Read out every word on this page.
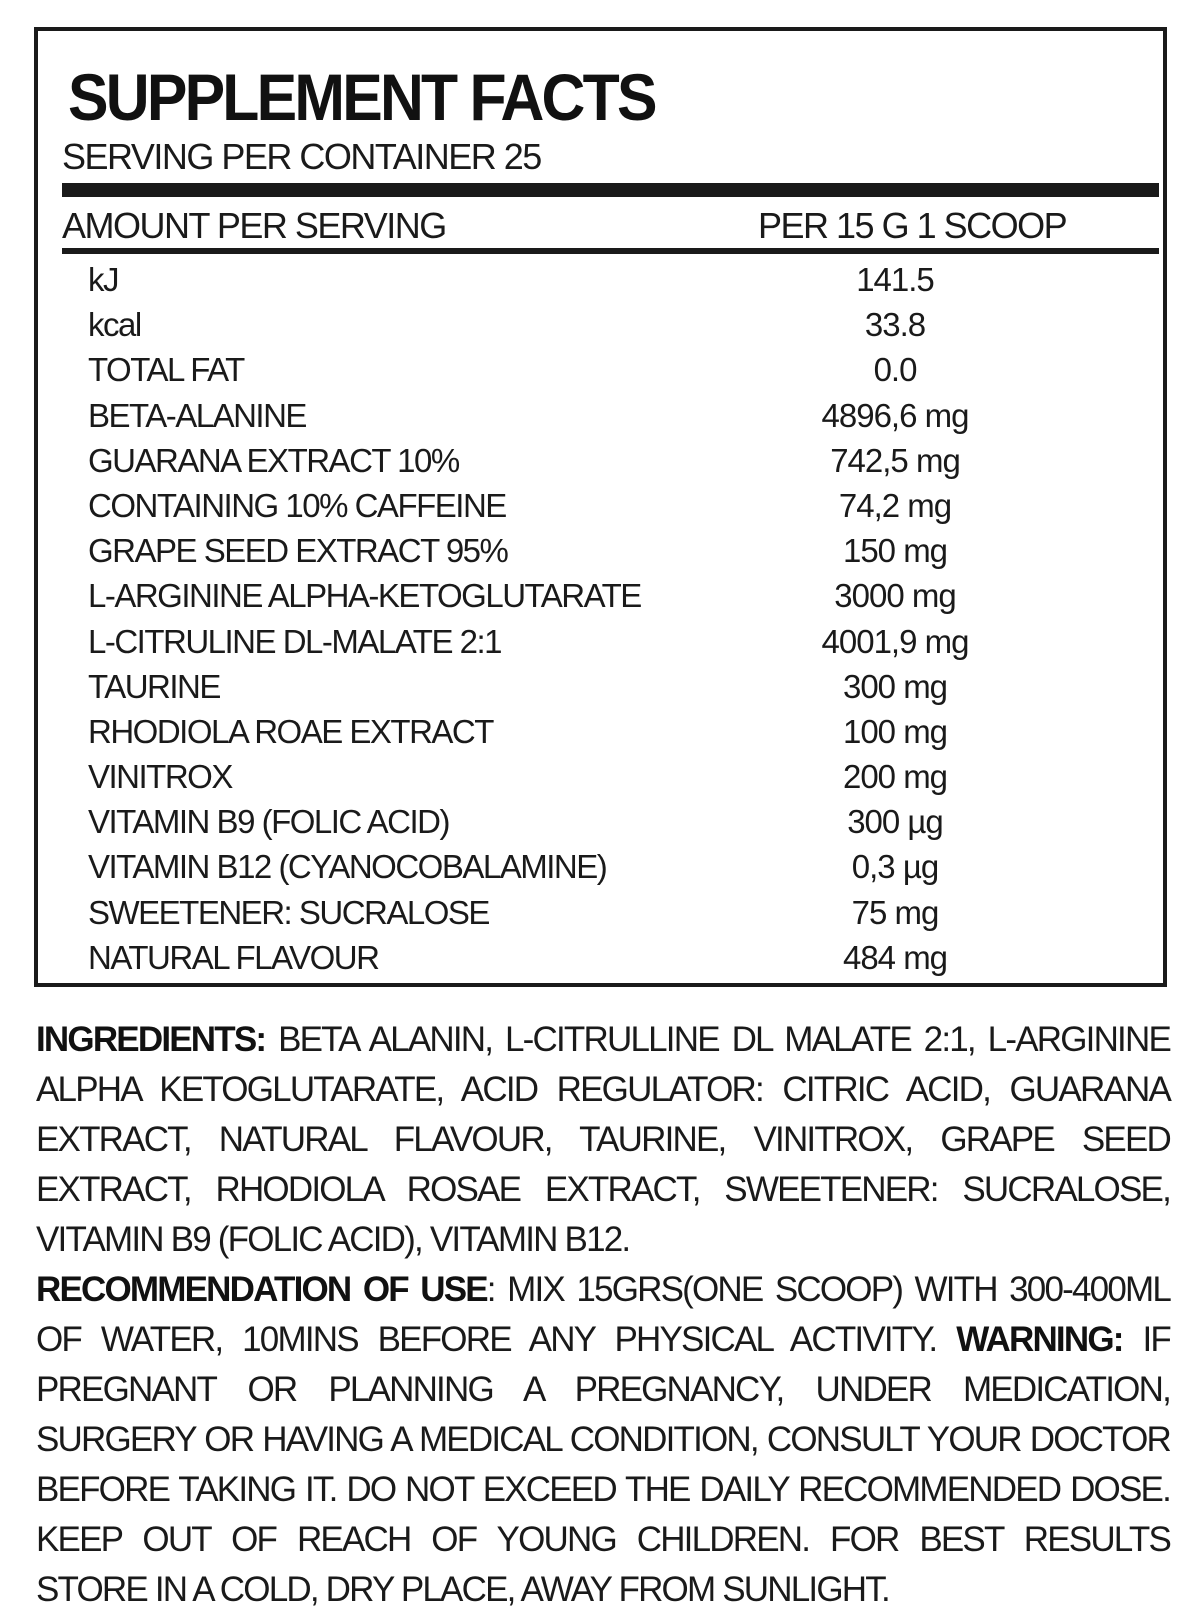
SUPPLEMENT FACTS
SERVING PER CONTAINER 25
AMOUNT PER SERVING	PER 15 G 1 SCOOP
kJ	141.5
kcal	33.8
TOTAL FAT	0.0
BETA-ALANINE	4896,6 mg
GUARANA EXTRACT 10%	742,5 mg
CONTAINING 10% CAFFEINE	74,2 mg
GRAPE SEED EXTRACT 95%	150 mg
L-ARGININE ALPHA-KETOGLUTARATE	3000 mg
L-CITRULINE DL-MALATE 2:1	4001,9 mg
TAURINE	300 mg
RHODIOLA ROAE EXTRACT	100 mg
VINITROX	200 mg
VITAMIN B9 (FOLIC ACID)	300 µg
VITAMIN B12 (CYANOCOBALAMINE)	0,3 µg
SWEETENER: SUCRALOSE	75 mg
NATURAL FLAVOUR	484 mg
INGREDIENTS: BETA ALANIN, L-CITRULLINE DL MALATE 2:1, L-ARGININE ALPHA KETOGLUTARATE, ACID REGULATOR: CITRIC ACID, GUARANA EXTRACT, NATURAL FLAVOUR, TAURINE, VINITROX, GRAPE SEED EXTRACT, RHODIOLA ROSAE EXTRACT, SWEETENER: SUCRALOSE, VITAMIN B9 (FOLIC ACID), VITAMIN B12.
RECOMMENDATION OF USE: MIX 15GRS(ONE SCOOP) WITH 300-400ML OF WATER, 10MINS BEFORE ANY PHYSICAL ACTIVITY. WARNING: IF PREGNANT OR PLANNING A PREGNANCY, UNDER MEDICATION, SURGERY OR HAVING A MEDICAL CONDITION, CONSULT YOUR DOCTOR BEFORE TAKING IT. DO NOT EXCEED THE DAILY RECOMMENDED DOSE. KEEP OUT OF REACH OF YOUNG CHILDREN. FOR BEST RESULTS STORE IN A COLD, DRY PLACE, AWAY FROM SUNLIGHT.
